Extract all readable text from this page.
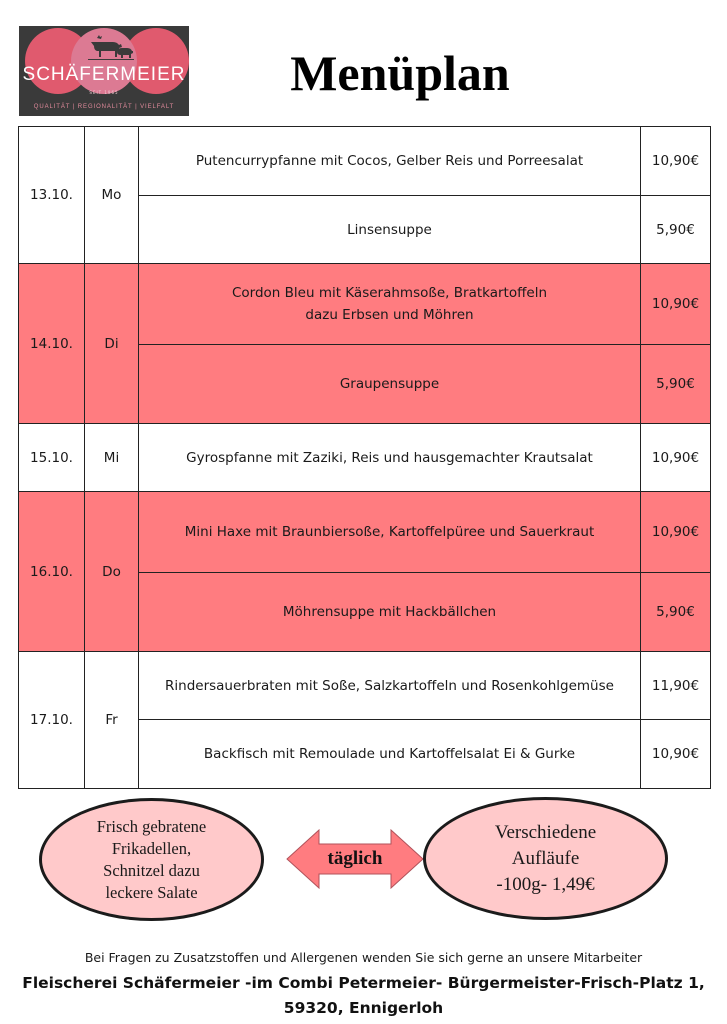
SCHÄFERMEIER
SEIT 1965
QUALITÄT | REGIONALITÄT | VIELFALT
Menüplan
13.10.	Mo	Putencurrypfanne mit Cocos, Gelber Reis und Porreesalat	10,90€

		Linsensuppe	5,90€
14.10.	Di	Cordon Bleu mit Käserahmsoße, Bratkartoffeln
dazu Erbsen und Möhren	10,90€

		Graupensuppe	5,90€
15.10.	Mi	Gyrospfanne mit Zaziki, Reis und hausgemachter Krautsalat	10,90€
16.10.	Do	Mini Haxe mit Braunbiersoße, Kartoffelpüree und Sauerkraut	10,90€

		Möhrensuppe mit Hackbällchen	5,90€
17.10.	Fr	Rindersauerbraten mit Soße, Salzkartoffeln und Rosenkohlgemüse	11,90€

		Backfisch mit Remoulade und Kartoffelsalat Ei & Gurke	10,90€
Frisch gebratene
Frikadellen,
Schnitzel dazu
leckere Salate
täglich
Verschiedene
Aufläufe
-100g- 1,49€
Bei Fragen zu Zusatzstoffen und Allergenen wenden Sie sich gerne an unsere Mitarbeiter
Fleischerei Schäfermeier -im Combi Petermeier- Bürgermeister-Frisch-Platz 1,
59320, Ennigerloh
